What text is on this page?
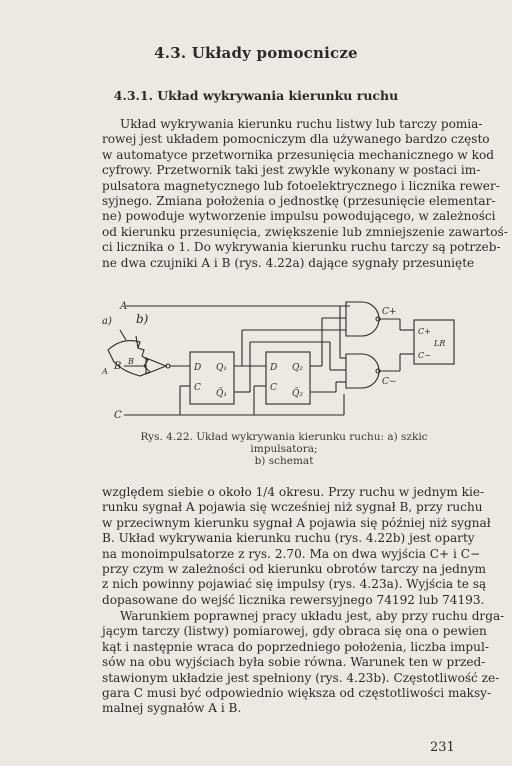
4.3. Układy pomocnicze
4.3.1. Układ wykrywania kierunku ruchu
Układ wykrywania kierunku ruchu listwy lub tarczy pomia-
rowej jest układem pomocniczym dla używanego bardzo często
w automatyce przetwornika przesunięcia mechanicznego w kod
cyfrowy. Przetwornik taki jest zwykle wykonany w postaci im-
pulsatora magnetycznego lub fotoelektrycznego i licznika rewer-
syjnego. Zmiana położenia o jednostkę (przesunięcie elementar-
ne) powoduje wytworzenie impulsu powodującego, w zależności
od kierunku przesunięcia, zwiększenie lub zmniejszenie zawartoś-
ci licznika o 1. Do wykrywania kierunku ruchu tarczy są potrzeb-
ne dwa czujniki A i B (rys. 4.22a) dające sygnały przesunięte
a)
A
B
A
B
C
D
C
Q₁
Q̄₁
D
C
Q₂
Q̄₂
C+
C−
C+
C−
LR
b)
Rys. 4.22. Układ wykrywania kierunku ruchu: a) szkic impulsatora;
b) schemat
względem siebie o około 1/4 okresu. Przy ruchu w jednym kie-
runku sygnał A pojawia się wcześniej niż sygnał B, przy ruchu
w przeciwnym kierunku sygnał A pojawia się później niż sygnał
B. Układ wykrywania kierunku ruchu (rys. 4.22b) jest oparty
na monoimpulsatorze z rys. 2.70. Ma on dwa wyjścia C+ i C−
przy czym w zależności od kierunku obrotów tarczy na jednym
z nich powinny pojawiać się impulsy (rys. 4.23a). Wyjścia te są
dopasowane do wejść licznika rewersyjnego 74192 lub 74193.
Warunkiem poprawnej pracy układu jest, aby przy ruchu drga-
jącym tarczy (listwy) pomiarowej, gdy obraca się ona o pewien
kąt i następnie wraca do poprzedniego położenia, liczba impul-
sów na obu wyjściach była sobie równa. Warunek ten w przed-
stawionym układzie jest spełniony (rys. 4.23b). Częstotliwość ze-
gara C musi być odpowiednio większa od częstotliwości maksy-
malnej sygnałów A i B.
231
